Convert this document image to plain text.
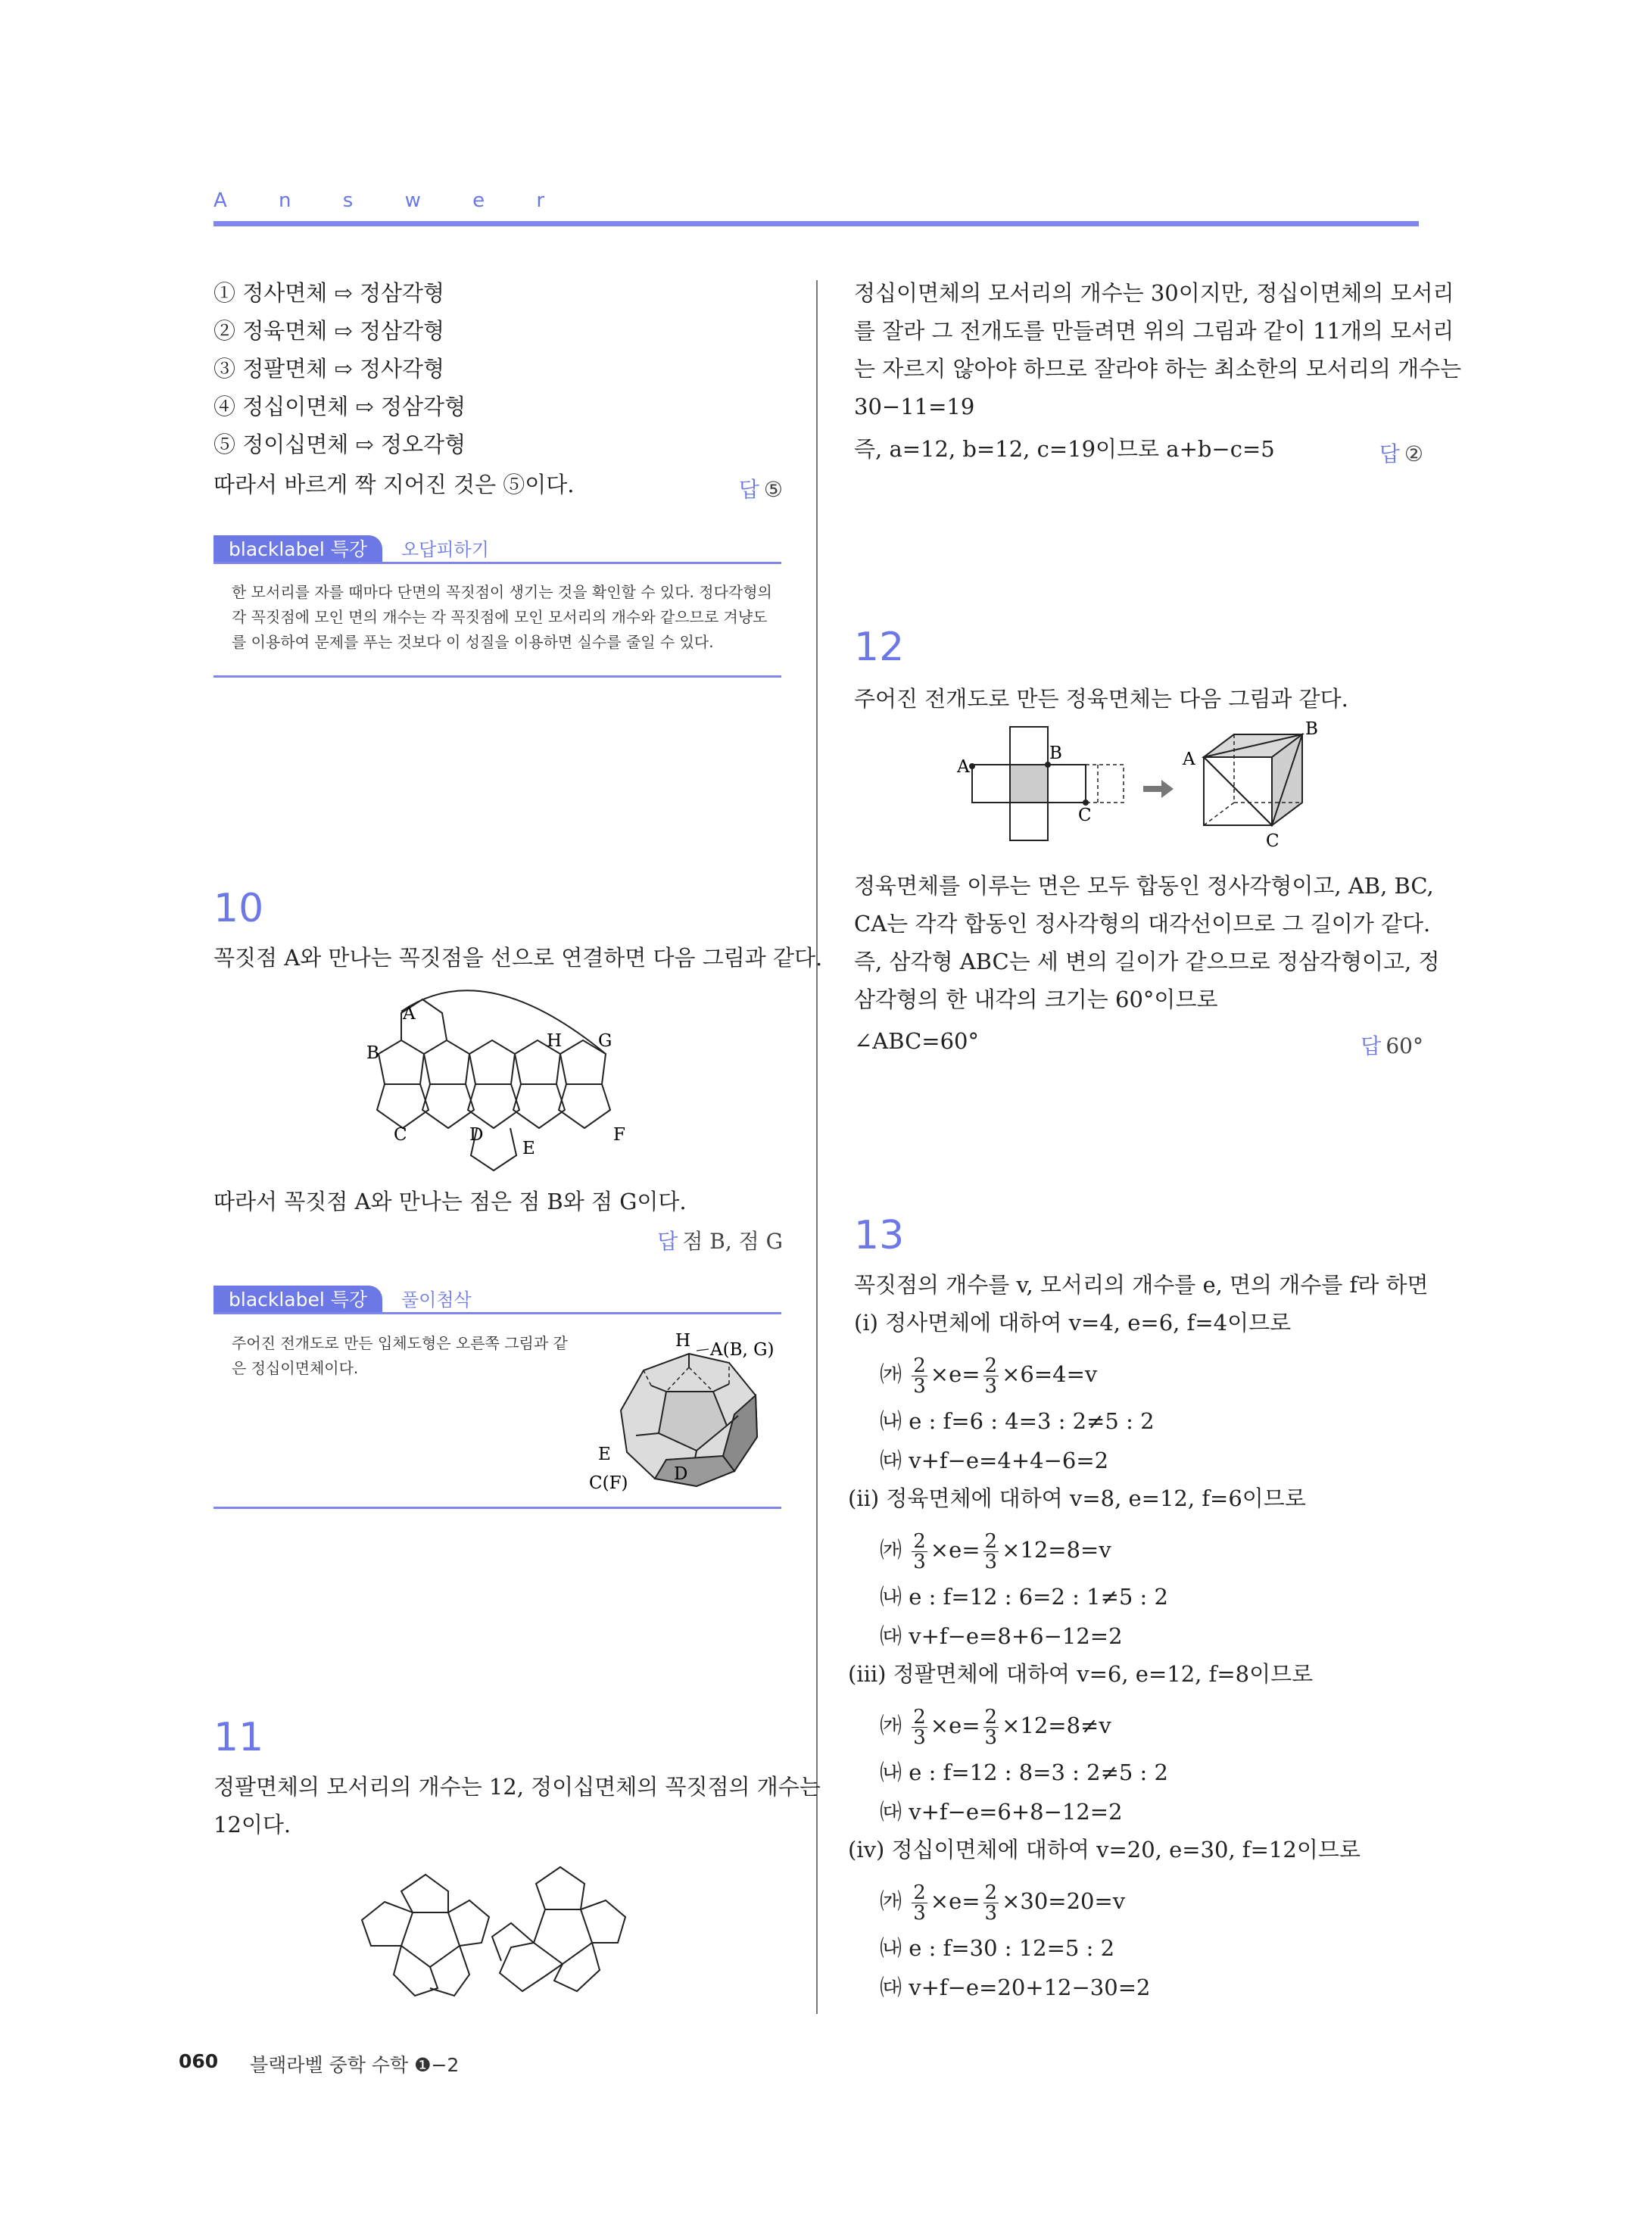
A n s w e r
① 정사면체 ⇨ 정삼각형
② 정육면체 ⇨ 정삼각형
③ 정팔면체 ⇨ 정사각형
④ 정십이면체 ⇨ 정삼각형
⑤ 정이십면체 ⇨ 정오각형
따라서 바르게 짝 지어진 것은 ⑤이다.	답 ⑤
blacklabel 특강	오답피하기
한 모서리를 자를 때마다 단면의 꼭짓점이 생기는 것을 확인할 수 있다. 정다각형의
각 꼭짓점에 모인 면의 개수는 각 꼭짓점에 모인 모서리의 개수와 같으므로 겨냥도
를 이용하여 문제를 푸는 것보다 이 성질을 이용하면 실수를 줄일 수 있다.
10
꼭짓점 A와 만나는 꼭짓점을 선으로 연결하면 다음 그림과 같다.
A
B
H G
C	D
E
F
따라서 꼭짓점 A와 만나는 점은 점 B와 점 G이다.
답 점 B, 점 G
blacklabel 특강	풀이첨삭
주어진 전개도로 만든 입체도형은 오른쪽 그림과 같
은 정십이면체이다.
H A(B, G)
E
D
C(F)
11
정팔면체의 모서리의 개수는 12, 정이십면체의 꼭짓점의 개수는
12이다.
정십이면체의 모서리의 개수는 30이지만, 정십이면체의 모서리
를 잘라 그 전개도를 만들려면 위의 그림과 같이 11개의 모서리
는 자르지 않아야 하므로 잘라야 하는 최소한의 모서리의 개수는
30−11=19
즉, a=12, b=12, c=19이므로 a+b−c=5	답 ②
12
주어진 전개도로 만든 정육면체는 다음 그림과 같다.
A
B
C
A
B
C
정육면체를 이루는 면은 모두 합동인 정사각형이고, AB, BC,
CA는 각각 합동인 정사각형의 대각선이므로 그 길이가 같다.
즉, 삼각형 ABC는 세 변의 길이가 같으므로 정삼각형이고, 정
삼각형의 한 내각의 크기는 60°이므로
∠ABC=60°	답 60°
13
꼭짓점의 개수를 v, 모서리의 개수를 e, 면의 개수를 f라 하면
(ⅰ) 정사면체에 대하여 v=4, e=6, f=4이므로
㈎ $\frac{2}{3} \times e= \frac{2}{3} \times 6=4=v$
㈏ e : f=6 : 4=3 : 2≠5 : 2
㈐ v+f−e=4+4−6=2
(ⅱ) 정육면체에 대하여 v=8, e=12, f=6이므로
㈎ $\frac{2}{3} \times e= \frac{2}{3} \times 12=8=v$
㈏ e : f=12 : 6=2 : 1≠5 : 2
㈐ v+f−e=8+6−12=2
(ⅲ) 정팔면체에 대하여 v=6, e=12, f=8이므로
㈎ $\frac{2}{3} \times e= \frac{2}{3} \times 12=8\ne v$
㈏ e : f=12 : 8=3 : 2≠5 : 2
㈐ v+f−e=6+8−12=2
(ⅳ) 정십이면체에 대하여 v=20, e=30, f=12이므로
㈎ $\frac{2}{3} \times e= \frac{2}{3} \times 30=20=v$
㈏ e : f=30 : 12=5 : 2
㈐ v+f−e=20+12−30=2
060 블랙라벨 중학 수학 ❶−2
